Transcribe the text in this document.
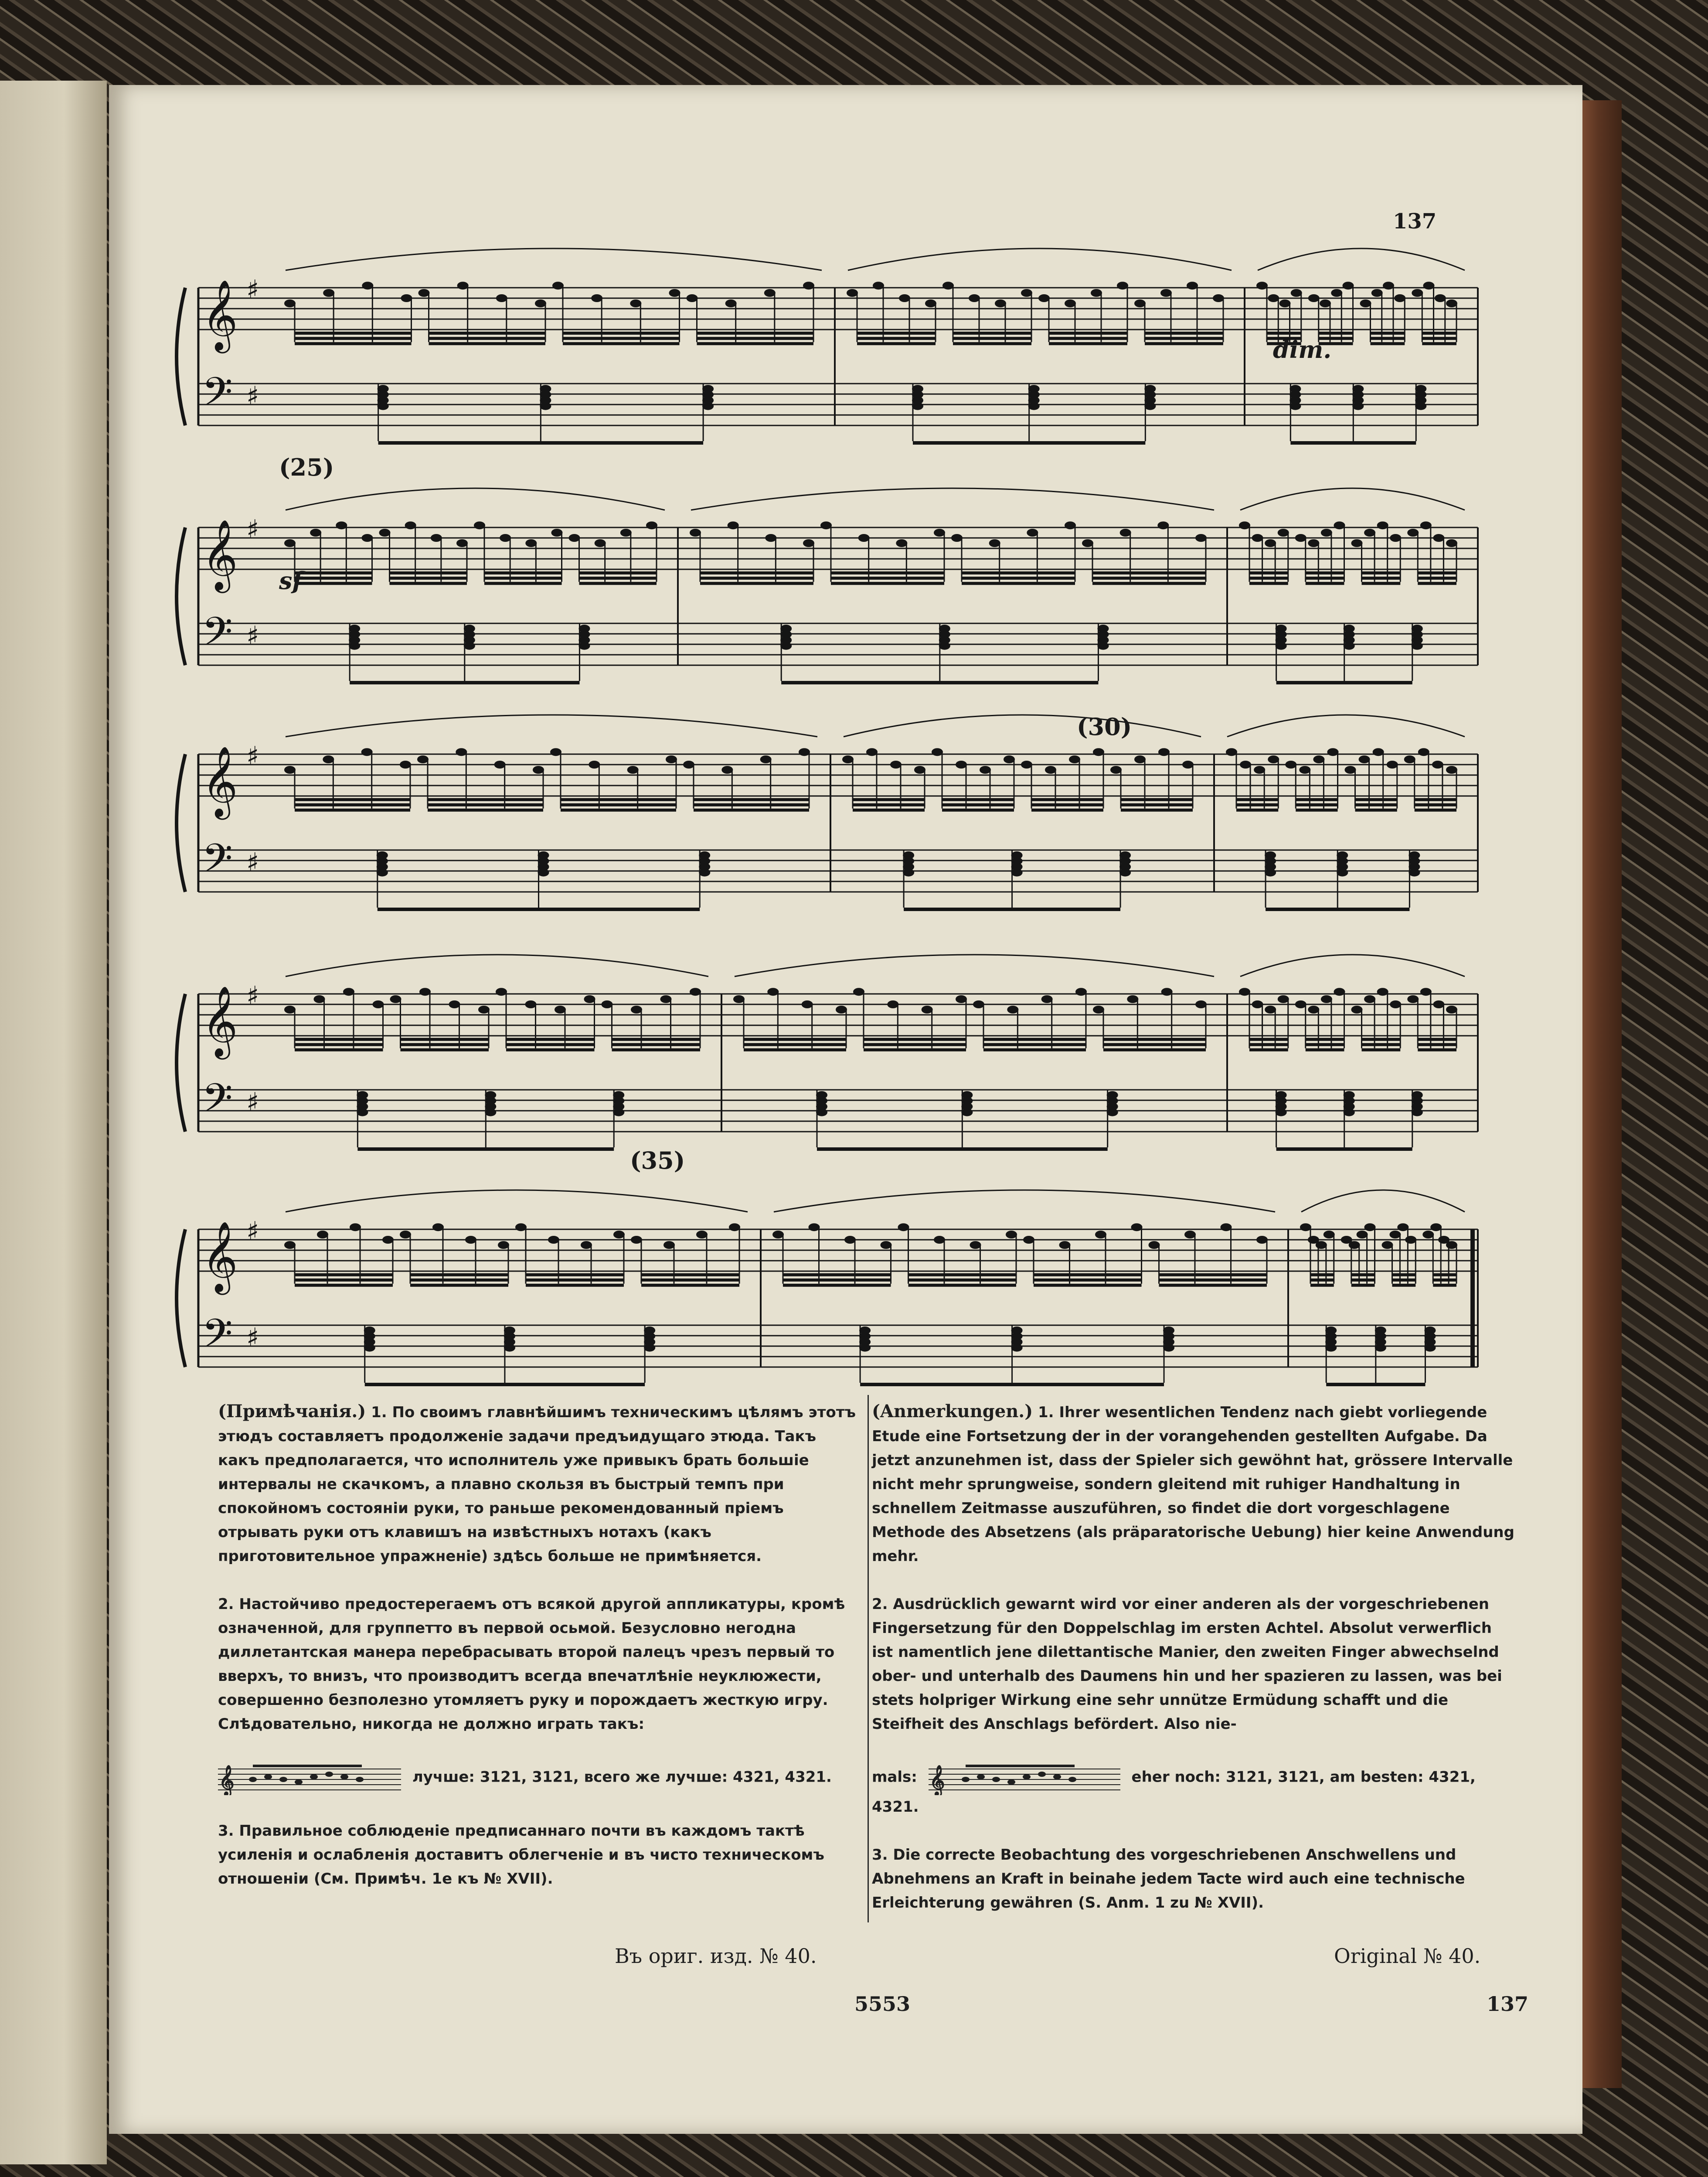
137
𝄞
𝄢
♯
♯
𝄞
𝄢
♯
♯
𝄞
𝄢
♯
♯
𝄞
𝄢
♯
♯
𝄞
𝄢
♯
♯
(25)
(30)
(35)
dim.
sf

(Примѣчанія.) 1. По своимъ главнѣйшимъ техническимъ цѣлямъ этотъ этюдъ составляетъ продолженіе задачи предъидущаго этюда. Такъ какъ предполагается, что исполнитель уже привыкъ брать большіе интервалы не скачкомъ, а плавно скользя въ быстрый темпъ при спокойномъ состояніи руки, то раньше рекомендованный пріемъ отрывать руки отъ клавишъ на извѣстныхъ нотахъ (какъ приготовительное упражненіе) здѣсь больше не примѣняется.

2. Настойчиво предостерегаемъ отъ всякой другой аппликатуры, кромѣ означенной, для группетто въ первой осьмой. Безусловно негодна диллетантская манера перебрасывать второй палецъ чрезъ первый то вверхъ, то внизъ, что производитъ всегда впечатлѣніе неуклюжести, совершенно безполезно утомляетъ руку и порождаетъ жесткую игру. Слѣдовательно, никогда не должно играть такъ:

𝄞	лучше: 3121, 3121, всего же лучше: 4321, 4321.

3. Правильное соблюденіе предписаннаго почти въ каждомъ тактѣ усиленія и ослабленія доставитъ облегченіе и въ чисто техническомъ отношеніи (См. Примѣч. 1е къ № XVII).

(Anmerkungen.) 1. Ihrer wesentlichen Tendenz nach giebt vorliegende Etude eine Fortsetzung der in der vorangehenden gestellten Aufgabe. Da jetzt anzunehmen ist, dass der Spieler sich gewöhnt hat, grössere Intervalle nicht mehr sprungweise, sondern gleitend mit ruhiger Handhaltung in schnellem Zeitmasse auszuführen, so findet die dort vorgeschlagene Methode des Absetzens (als präparatorische Uebung) hier keine Anwendung mehr.

2. Ausdrücklich gewarnt wird vor einer anderen als der vorgeschriebenen Fingersetzung für den Doppelschlag im ersten Achtel. Absolut verwerflich ist namentlich jene dilettantische Manier, den zweiten Finger abwechselnd ober- und unterhalb des Daumens hin und her spazieren zu lassen, was bei stets holpriger Wirkung eine sehr unnütze Ermüdung schafft und die Steifheit des Anschlags befördert. Also nie-

mals: 𝄞	eher noch: 3121, 3121, am besten: 4321, 4321.

3. Die correcte Beobachtung des vorgeschriebenen Anschwellens und Abnehmens an Kraft in beinahe jedem Tacte wird auch eine technische Erleichterung gewähren (S. Anm. 1 zu № XVII).

Въ ориг. изд. № 40.	Original № 40.
5553	137
